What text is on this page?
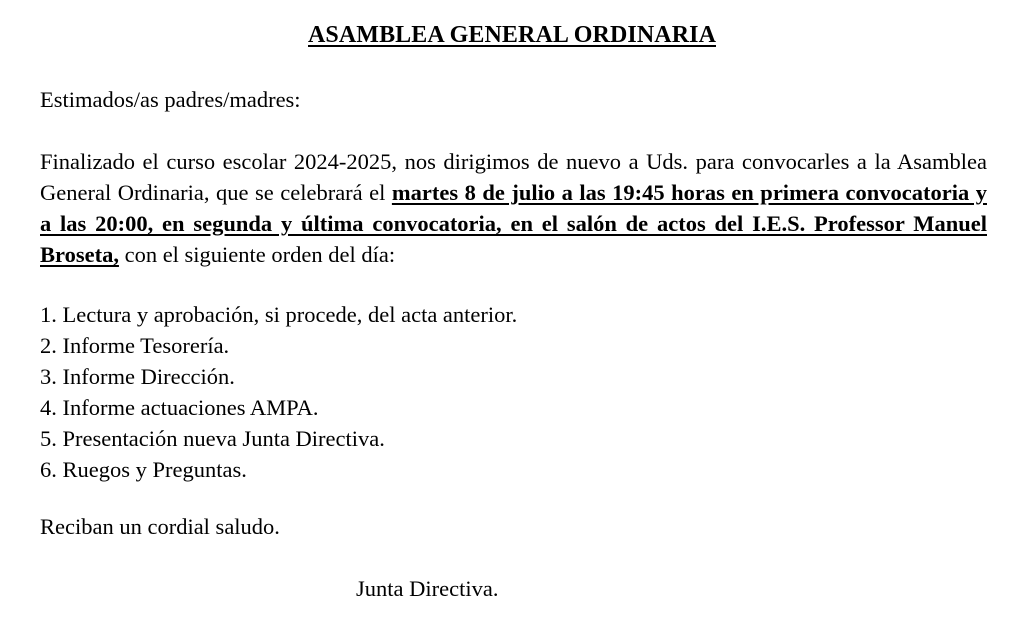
ASAMBLEA GENERAL ORDINARIA
Estimados/as padres/madres:
Finalizado el curso escolar 2024-2025, nos dirigimos de nuevo a Uds. para convocarles a la Asamblea General Ordinaria, que se celebrará el martes 8 de julio a las 19:45 horas en primera convocatoria y a las 20:00, en segunda y última convocatoria, en el salón de actos del I.E.S. Professor Manuel Broseta, con el siguiente orden del día:
1. Lectura y aprobación, si procede, del acta anterior.
2. Informe Tesorería.
3. Informe Dirección.
4. Informe actuaciones AMPA.
5. Presentación nueva Junta Directiva.
6. Ruegos y Preguntas.
Reciban un cordial saludo.
Junta Directiva.
